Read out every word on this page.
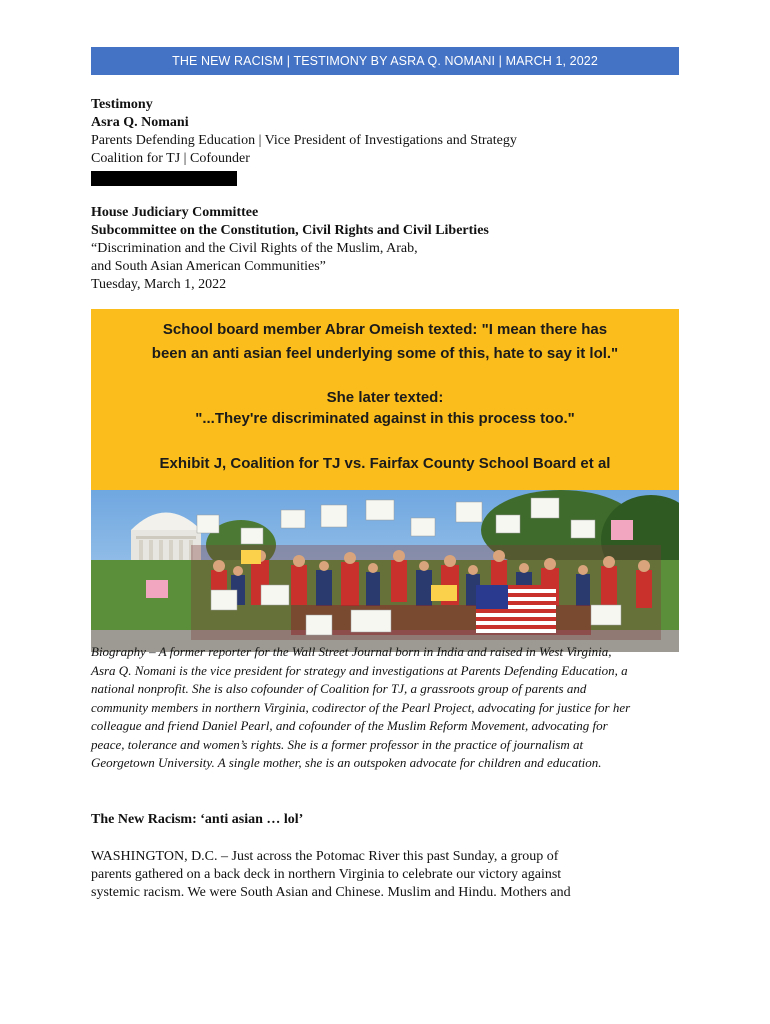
THE NEW RACISM | TESTIMONY BY ASRA Q. NOMANI | MARCH 1, 2022
Testimony
Asra Q. Nomani
Parents Defending Education | Vice President of Investigations and Strategy
Coalition for TJ | Cofounder
House Judiciary Committee
Subcommittee on the Constitution, Civil Rights and Civil Liberties
“Discrimination and the Civil Rights of the Muslim, Arab,
and South Asian American Communities”
Tuesday, March 1, 2022
School board member Abrar Omeish texted: "I mean there has
been an anti asian feel underlying some of this, hate to say it lol."
She later texted:
"...They're discriminated against in this process too."
Exhibit J, Coalition for TJ vs. Fairfax County School Board et al
Biography – A former reporter for the Wall Street Journal born in India and raised in West Virginia,
Asra Q. Nomani is the vice president for strategy and investigations at Parents Defending Education, a
national nonprofit. She is also cofounder of Coalition for TJ, a grassroots group of parents and
community members in northern Virginia, codirector of the Pearl Project, advocating for justice for her
colleague and friend Daniel Pearl, and cofounder of the Muslim Reform Movement, advocating for
peace, tolerance and women’s rights. She is a former professor in the practice of journalism at
Georgetown University. A single mother, she is an outspoken advocate for children and education.
The New Racism: ‘anti asian … lol’
WASHINGTON, D.C. – Just across the Potomac River this past Sunday, a group of
parents gathered on a back deck in northern Virginia to celebrate our victory against
systemic racism. We were South Asian and Chinese. Muslim and Hindu. Mothers and
